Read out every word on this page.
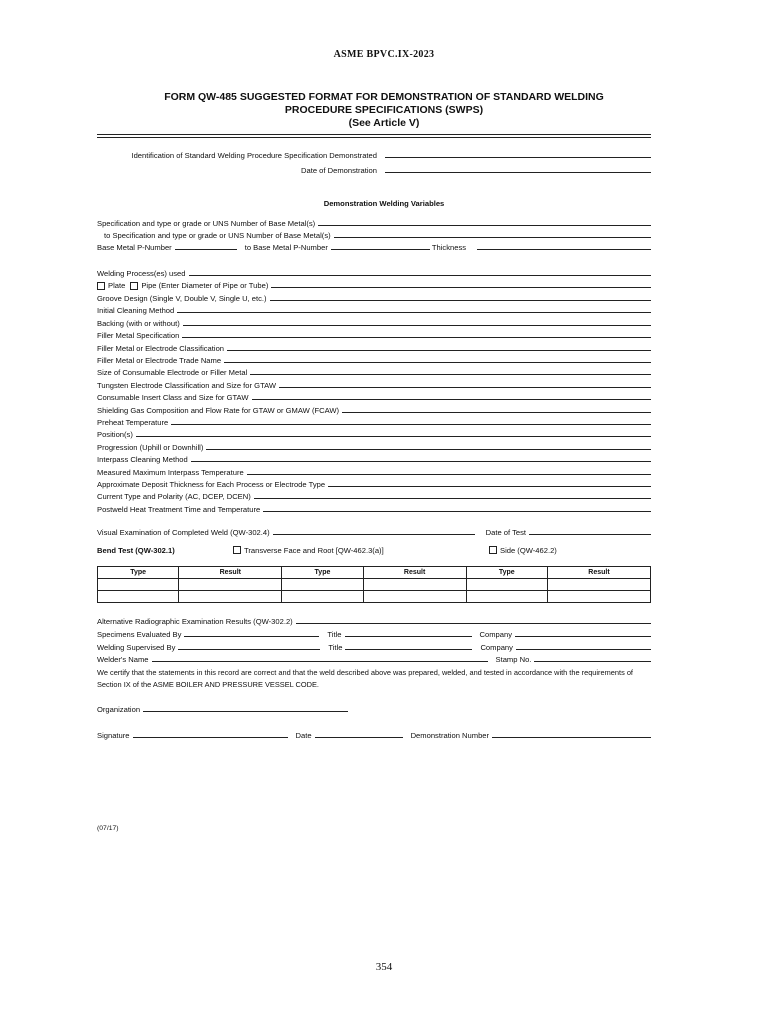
ASME BPVC.IX-2023
FORM QW-485 SUGGESTED FORMAT FOR DEMONSTRATION OF STANDARD WELDING
PROCEDURE SPECIFICATIONS (SWPS)
(See Article V)
Identification of Standard Welding Procedure Specification Demonstrated
Date of Demonstration
Demonstration Welding Variables
Specification and type or grade or UNS Number of Base Metal(s)
to Specification and type or grade or UNS Number of Base Metal(s)
Base Metal P-Number	to Base Metal P-Number	Thickness
Welding Process(es) used
Plate	Pipe (Enter Diameter of Pipe or Tube)
Groove Design (Single V, Double V, Single U, etc.)
Initial Cleaning Method
Backing (with or without)
Filler Metal Specification
Filler Metal or Electrode Classification
Filler Metal or Electrode Trade Name
Size of Consumable Electrode or Filler Metal
Tungsten Electrode Classification and Size for GTAW
Consumable Insert Class and Size for GTAW
Shielding Gas Composition and Flow Rate for GTAW or GMAW (FCAW)
Preheat Temperature
Position(s)
Progression (Uphill or Downhill)
Interpass Cleaning Method
Measured Maximum Interpass Temperature
Approximate Deposit Thickness for Each Process or Electrode Type
Current Type and Polarity (AC, DCEP, DCEN)
Postweld Heat Treatment Time and Temperature
Visual Examination of Completed Weld (QW-302.4)	Date of Test
Bend Test (QW-302.1)	Transverse Face and Root [QW-462.3(a)]	Side (QW-462.2)
Type	Result	Type	Result	Type	Result

Alternative Radiographic Examination Results (QW-302.2)
Specimens Evaluated By	Title	Company
Welding Supervised By	Title	Company
Welder's Name	Stamp No.
We certify that the statements in this record are correct and that the weld described above was prepared, welded, and tested in accordance with the requirements of Section IX of the ASME BOILER AND PRESSURE VESSEL CODE.
Organization
Signature	Date	Demonstration Number
(07/17)
354
